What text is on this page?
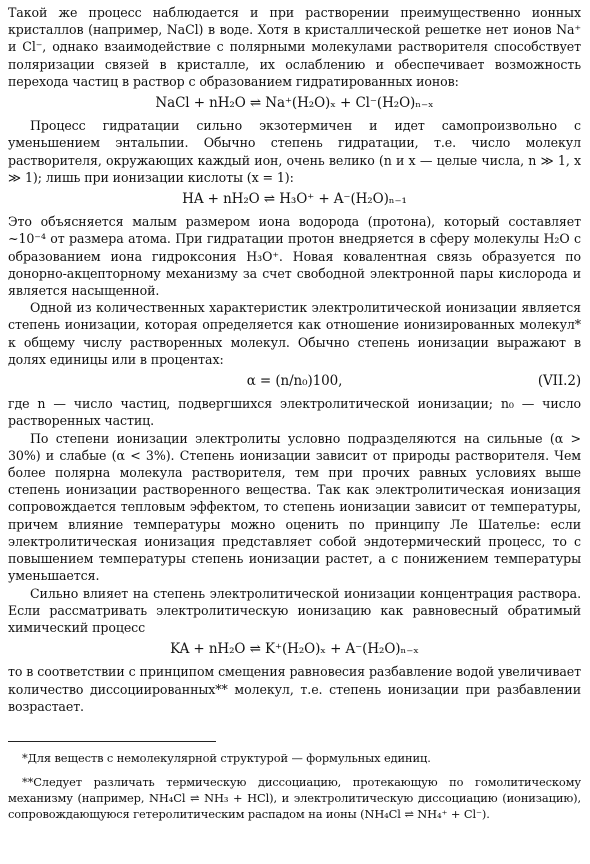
Такой же процесс наблюдается и при растворении преимущественно ионных кристаллов (например, NaCl) в воде. Хотя в кристаллической решетке нет ионов Na⁺ и Cl⁻, однако взаимодействие с полярными молекулами растворителя способствует поляризации связей в кристалле, их ослаблению и обеспечивает возможность перехода частиц в раствор с образованием гидратированных ионов:

NaCl + nH₂O ⇌ Na⁺(H₂O)ₓ + Cl⁻(H₂O)ₙ₋ₓ

Процесс гидратации сильно экзотермичен и идет самопроизвольно с уменьшением энтальпии. Обычно степень гидратации, т.е. число молекул растворителя, окружающих каждый ион, очень велико (n и x — целые числа, n ≫ 1, x ≫ 1); лишь при ионизации кислоты (x = 1):

HA + nH₂O ⇌ H₃O⁺ + A⁻(H₂O)ₙ₋₁

Это объясняется малым размером иона водорода (протона), который составляет ~10⁻⁴ от размера атома. При гидратации протон внедряется в сферу молекулы H₂O с образованием иона гидроксония H₃O⁺. Новая ковалентная связь образуется по донорно-акцепторному механизму за счет свободной электронной пары кислорода и является насыщенной.

Одной из количественных характеристик электролитической ионизации является степень ионизации, которая определяется как отношение ионизированных молекул* к общему числу растворенных молекул. Обычно степень ионизации выражают в долях единицы или в процентах:

α = (n/n₀)100,	(VII.2)

где n — число частиц, подвергшихся электролитической ионизации; n₀ — число растворенных частиц.

По степени ионизации электролиты условно подразделяются на сильные (α > 30%) и слабые (α < 3%). Степень ионизации зависит от природы растворителя. Чем более полярна молекула растворителя, тем при прочих равных условиях выше степень ионизации растворенного вещества. Так как электролитическая ионизация сопровождается тепловым эффектом, то степень ионизации зависит от температуры, причем влияние температуры можно оценить по принципу Ле Шателье: если электролитическая ионизация представляет собой эндотермический процесс, то с повышением температуры степень ионизации растет, а с понижением температуры уменьшается.

Сильно влияет на степень электролитической ионизации концентрация раствора. Если рассматривать электролитическую ионизацию как равновесный обратимый химический процесс

KA + nH₂O ⇌ K⁺(H₂O)ₓ + A⁻(H₂O)ₙ₋ₓ

то в соответствии с принципом смещения равновесия разбавление водой увеличивает количество диссоциированных** молекул, т.е. степень ионизации при разбавлении возрастает.

*Для веществ с немолекулярной структурой — формульных единиц.

**Следует различать термическую диссоциацию, протекающую по гомолитическому механизму (например, NH₄Cl ⇌ NH₃ + HCl), и электролитическую диссоциацию (ионизацию), сопровождающуюся гетеролитическим распадом на ионы (NH₄Cl ⇌ NH₄⁺ + Cl⁻).
